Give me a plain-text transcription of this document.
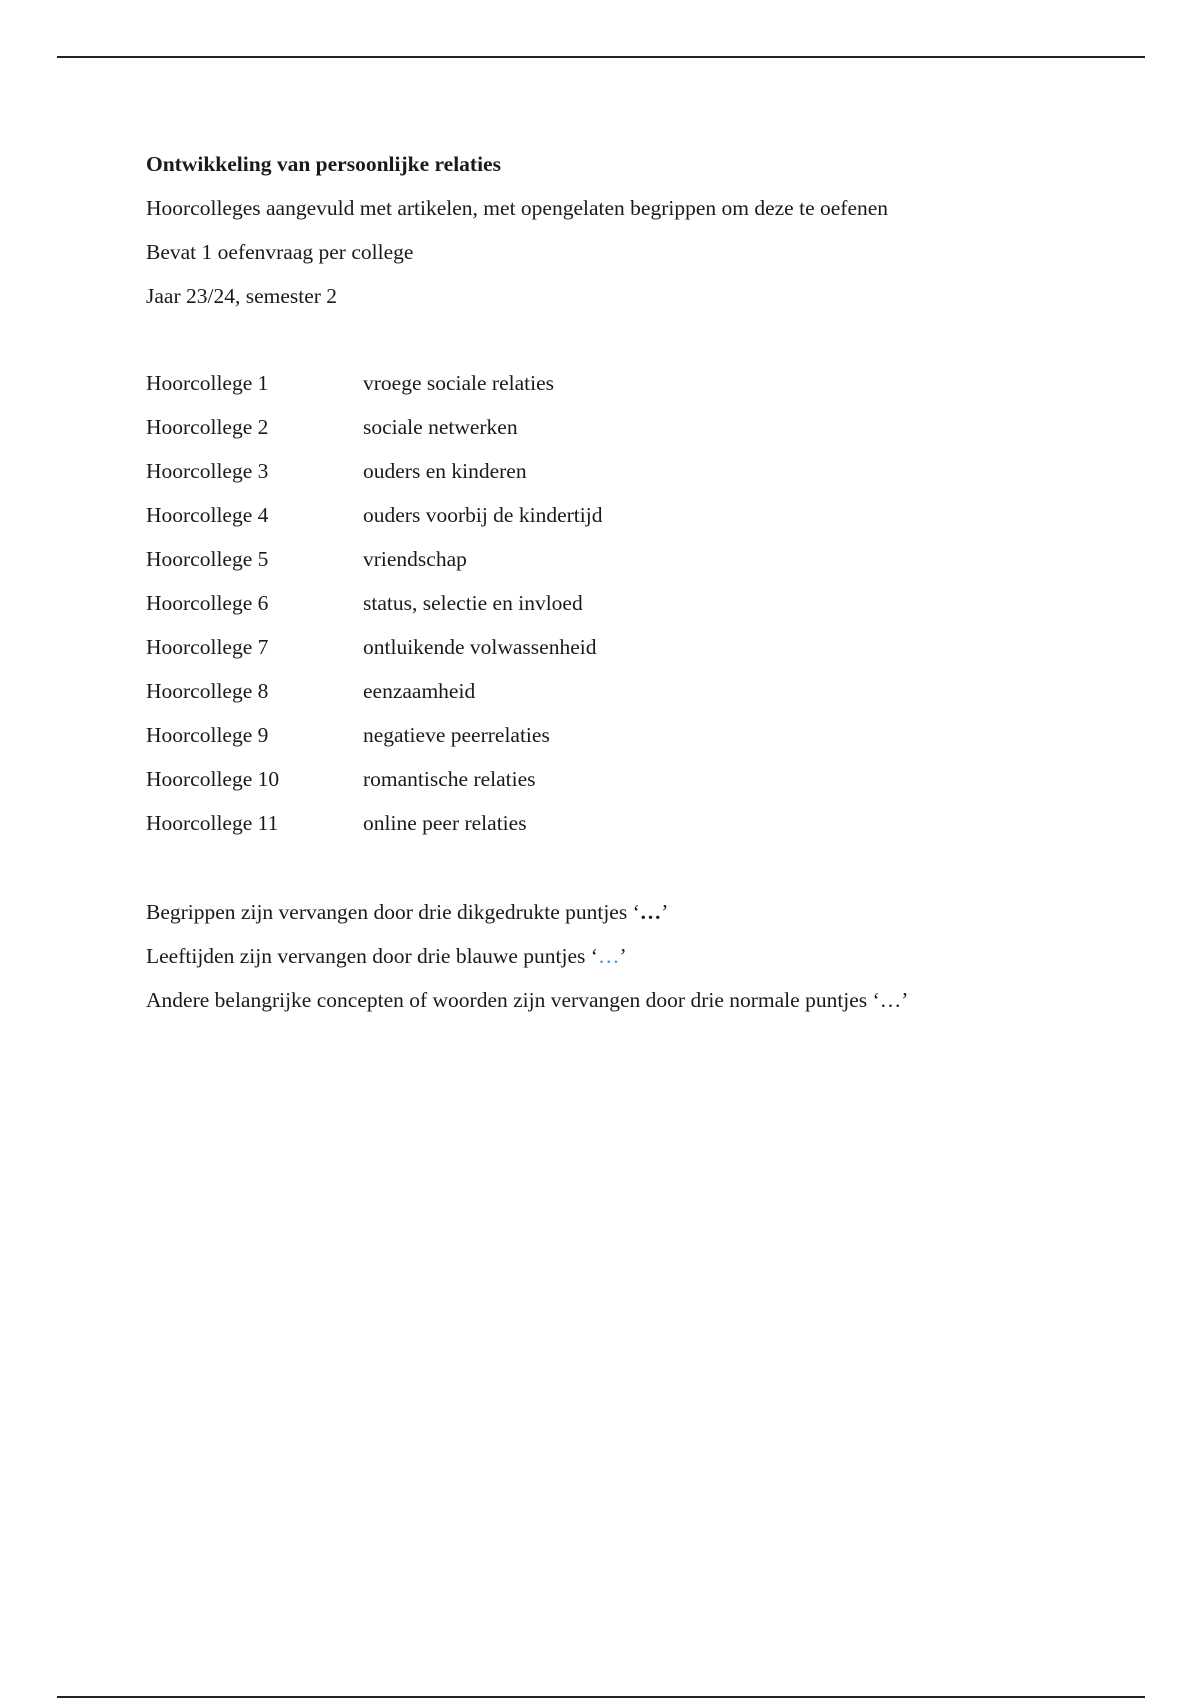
Ontwikkeling van persoonlijke relaties
Hoorcolleges aangevuld met artikelen, met opengelaten begrippen om deze te oefenen
Bevat 1 oefenvraag per college
Jaar 23/24, semester 2
Hoorcollege 1	vroege sociale relaties
Hoorcollege 2	sociale netwerken
Hoorcollege 3	ouders en kinderen
Hoorcollege 4	ouders voorbij de kindertijd
Hoorcollege 5	vriendschap
Hoorcollege 6	status, selectie en invloed
Hoorcollege 7	ontluikende volwassenheid
Hoorcollege 8	eenzaamheid
Hoorcollege 9	negatieve peerrelaties
Hoorcollege 10	romantische relaties
Hoorcollege 11	online peer relaties
Begrippen zijn vervangen door drie dikgedrukte puntjes ‘…’
Leeftijden zijn vervangen door drie blauwe puntjes ‘…’
Andere belangrijke concepten of woorden zijn vervangen door drie normale puntjes ‘…’
